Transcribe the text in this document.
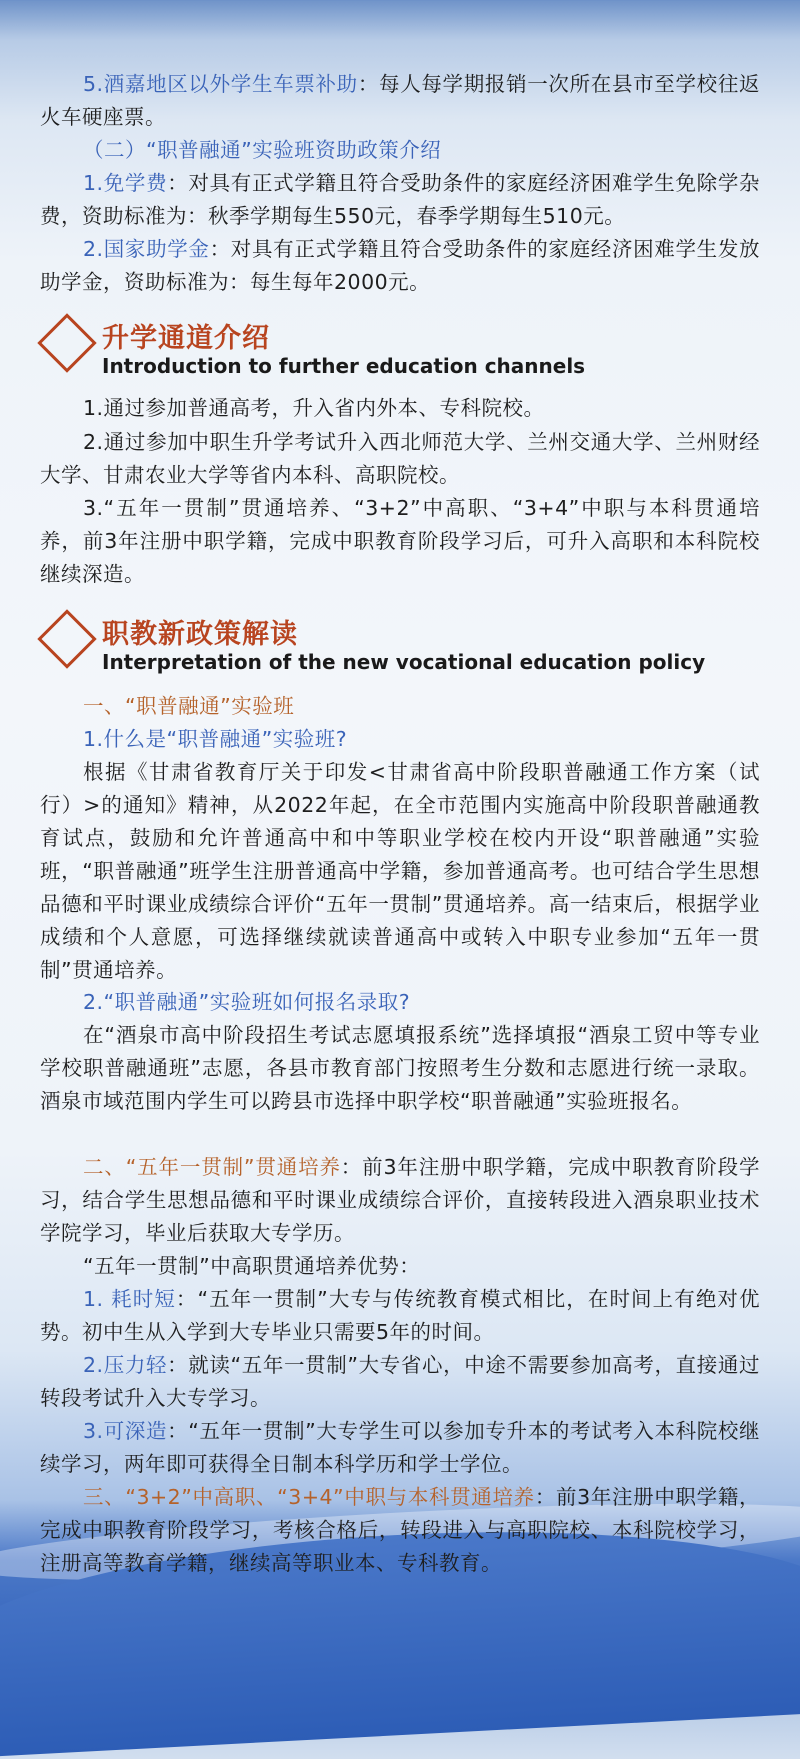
5.酒嘉地区以外学生车票补助：每人每学期报销一次所在县市至学校往返火车硬座票。

（二）“职普融通”实验班资助政策介绍

1.免学费：对具有正式学籍且符合受助条件的家庭经济困难学生免除学杂费，资助标准为：秋季学期每生550元，春季学期每生510元。

2.国家助学金：对具有正式学籍且符合受助条件的家庭经济困难学生发放助学金，资助标准为：每生每年2000元。

升学通道介绍
Introduction to further education channels

1.通过参加普通高考，升入省内外本、专科院校。

2.通过参加中职生升学考试升入西北师范大学、兰州交通大学、兰州财经大学、甘肃农业大学等省内本科、高职院校。

3.“五年一贯制”贯通培养、“3+2”中高职、“3+4”中职与本科贯通培养，前3年注册中职学籍，完成中职教育阶段学习后，可升入高职和本科院校继续深造。

职教新政策解读
Interpretation of the new vocational education policy

一、“职普融通”实验班

1.什么是“职普融通”实验班?

根据《甘肃省教育厅关于印发<甘肃省高中阶段职普融通工作方案（试行）>的通知》精神，从2022年起，在全市范围内实施高中阶段职普融通教育试点，鼓励和允许普通高中和中等职业学校在校内开设“职普融通”实验班，“职普融通”班学生注册普通高中学籍，参加普通高考。也可结合学生思想品德和平时课业成绩综合评价“五年一贯制”贯通培养。高一结束后，根据学业成绩和个人意愿，可选择继续就读普通高中或转入中职专业参加“五年一贯制”贯通培养。

2.“职普融通”实验班如何报名录取?

在“酒泉市高中阶段招生考试志愿填报系统”选择填报“酒泉工贸中等专业学校职普融通班”志愿，各县市教育部门按照考生分数和志愿进行统一录取。酒泉市域范围内学生可以跨县市选择中职学校“职普融通”实验班报名。

二、“五年一贯制”贯通培养：前3年注册中职学籍，完成中职教育阶段学习，结合学生思想品德和平时课业成绩综合评价，直接转段进入酒泉职业技术学院学习，毕业后获取大专学历。

“五年一贯制”中高职贯通培养优势：

1. 耗时短：“五年一贯制”大专与传统教育模式相比，在时间上有绝对优势。初中生从入学到大专毕业只需要5年的时间。

2.压力轻：就读“五年一贯制”大专省心，中途不需要参加高考，直接通过转段考试升入大专学习。

3.可深造：“五年一贯制”大专学生可以参加专升本的考试考入本科院校继续学习，两年即可获得全日制本科学历和学士学位。

三、“3+2”中高职、“3+4”中职与本科贯通培养：前3年注册中职学籍，完成中职教育阶段学习，考核合格后，转段进入与高职院校、本科院校学习，注册高等教育学籍，继续高等职业本、专科教育。
